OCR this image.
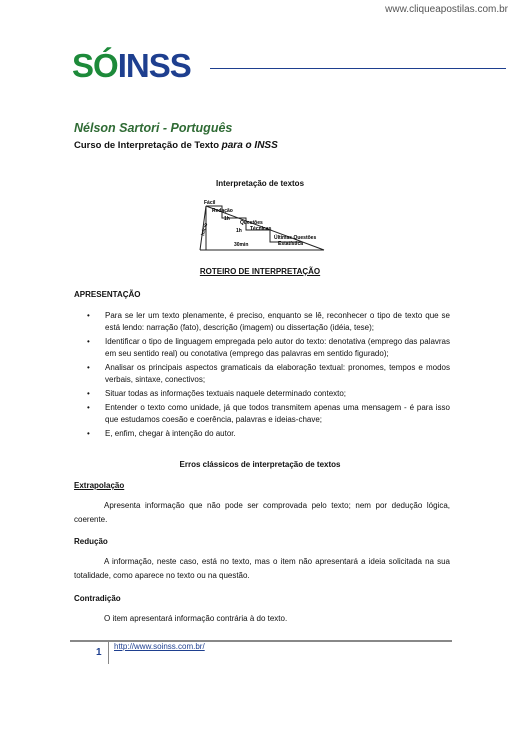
www.cliqueapostilas.com.br
SÓINSS
Nélson Sartori - Português
Curso de Interpretação de Texto para o INSS
Interpretação de textos
Fácil
Redação
Questões
Técnicas
Últimas Questões
Estatística
1h
1h
30min
Início
ROTEIRO DE INTERPRETAÇÃO
APRESENTAÇÃO
• Para se ler um texto plenamente, é preciso, enquanto se lê, reconhecer o tipo de texto que se está lendo: narração (fato), descrição (imagem) ou dissertação (idéia, tese);
• Identificar o tipo de linguagem empregada pelo autor do texto: denotativa (emprego das palavras em seu sentido real) ou conotativa (emprego das palavras em sentido figurado);
• Analisar os principais aspectos gramaticais da elaboração textual: pronomes, tempos e modos verbais, sintaxe, conectivos;
• Situar todas as informações textuais naquele determinado contexto;
• Entender o texto como unidade, já que todos transmitem apenas uma mensagem - é para isso que estudamos coesão e coerência, palavras e ideias-chave;
• E, enfim, chegar à intenção do autor.
Erros clássicos de interpretação de textos
Extrapolação
Apresenta informação que não pode ser comprovada pelo texto; nem por dedução lógica, coerente.
Redução
A informação, neste caso, está no texto, mas o item não apresentará a ideia solicitada na sua totalidade, como aparece no texto ou na questão.
Contradição
O item apresentará informação contrária à do texto.
1
http://www.soinss.com.br/
